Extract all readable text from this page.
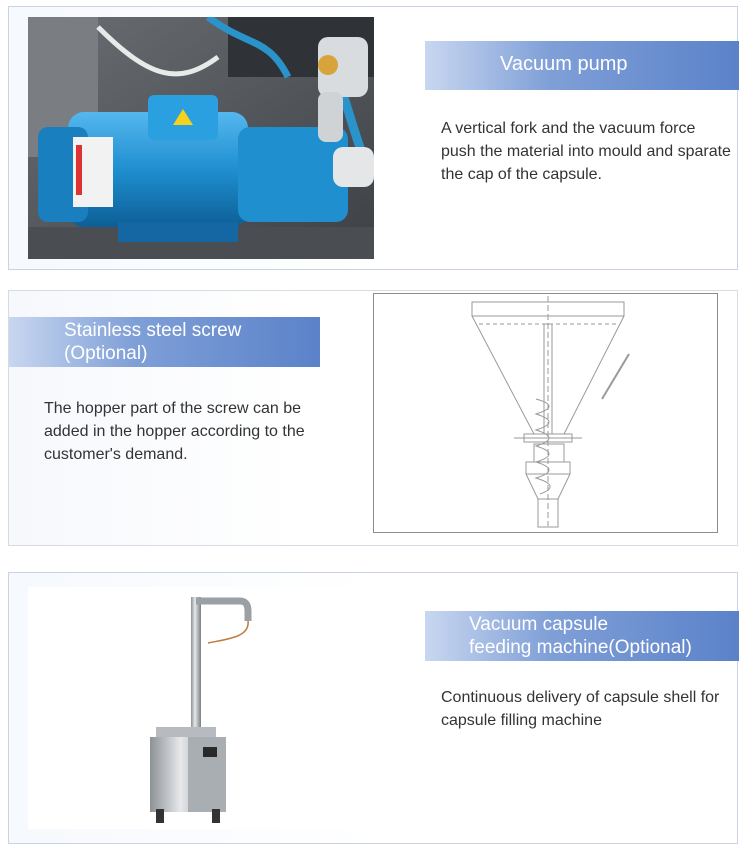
Vacuum pump
A vertical fork and the vacuum force push the material into mould and sparate the cap of the capsule.
Stainless steel screw
(Optional)
The hopper part of the screw can be added in the hopper according to the customer's demand.
Vacuum capsule
feeding machine(Optional)
Continuous delivery of capsule shell for capsule filling machine
